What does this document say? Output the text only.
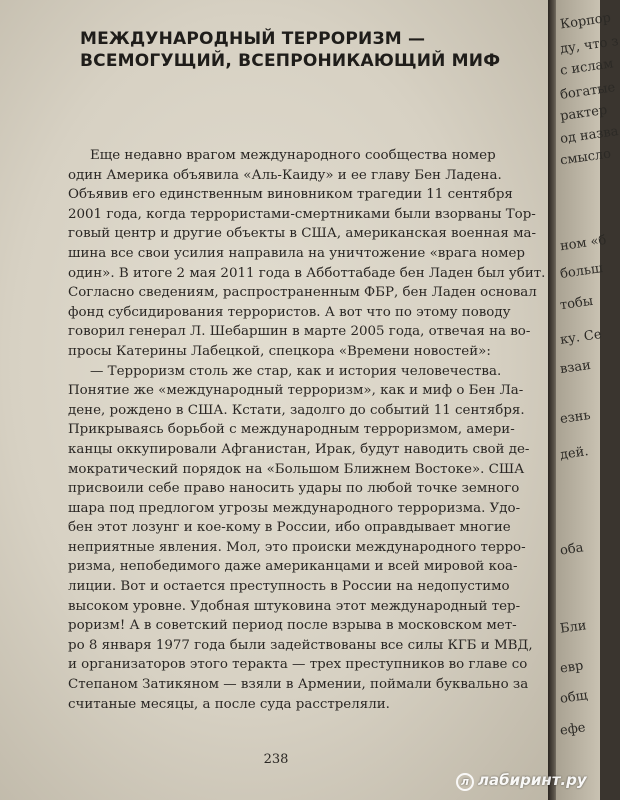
МЕЖДУНАРОДНЫЙ ТЕРРОРИЗМ —
ВСЕМОГУЩИЙ, ВСЕПРОНИКАЮЩИЙ МИФ
Еще недавно врагом международного сообщества номер
один Америка объявила «Аль-Каиду» и ее главу Бен Ладена.
Объявив его единственным виновником трагедии 11 сентября
2001 года, когда террористами-смертниками были взорваны Тор-
говый центр и другие объекты в США, американская военная ма-
шина все свои усилия направила на уничтожение «врага номер
один». В итоге 2 мая 2011 года в Абботтабаде бен Ладен был убит.
Согласно сведениям, распространенным ФБР, бен Ладен основал
фонд субсидирования террористов. А вот что по этому поводу
говорил генерал Л. Шебаршин в марте 2005 года, отвечая на во-
просы Катерины Лабецкой, спецкора «Времени новостей»:
— Терроризм столь же стар, как и история человечества.
Понятие же «международный терроризм», как и миф о Бен Ла-
дене, рождено в США. Кстати, задолго до событий 11 сентября.
Прикрываясь борьбой с международным терроризмом, амери-
канцы оккупировали Афганистан, Ирак, будут наводить свой де-
мократический порядок на «Большом Ближнем Востоке». США
присвоили себе право наносить удары по любой точке земного
шара под предлогом угрозы международного терроризма. Удо-
бен этот лозунг и кое-кому в России, ибо оправдывает многие
неприятные явления. Мол, это происки международного терро-
ризма, непобедимого даже американцами и всей мировой коа-
лиции. Вот и остается преступность в России на недопустимо
высоком уровне. Удобная штуковина этот международный тер-
роризм! А в советский период после взрыва в московском мет-
ро 8 января 1977 года были задействованы все силы КГБ и МВД,
и организаторов этого теракта — трех преступников во главе со
Степаном Затикяном — взяли в Армении, поймали буквально за
считаные месяцы, а после суда расстреляли.
238
Корпор
ду, что з
с ислам
богатые
рактер
од назва
смысло
ном «б
больш
тобы
ку. Се
взаи
езнь
дей.
оба
Бли
евр
общ
ефе
л лабиринт.ру
